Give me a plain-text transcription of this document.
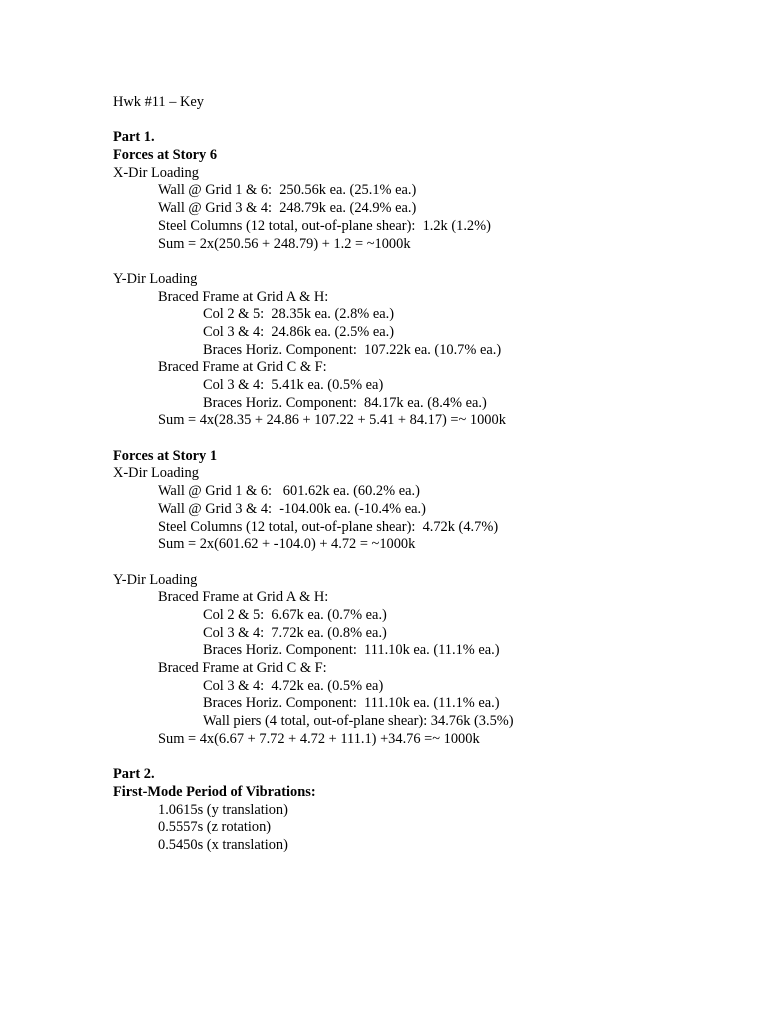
Hwk #11 – Key
Part 1.
Forces at Story 6
X-Dir Loading
Wall @ Grid 1 & 6:  250.56k ea. (25.1% ea.)
Wall @ Grid 3 & 4:  248.79k ea. (24.9% ea.)
Steel Columns (12 total, out-of-plane shear):  1.2k (1.2%)
Sum = 2x(250.56 + 248.79) + 1.2 = ~1000k
Y-Dir Loading
Braced Frame at Grid A & H:
Col 2 & 5:  28.35k ea. (2.8% ea.)
Col 3 & 4:  24.86k ea. (2.5% ea.)
Braces Horiz. Component:  107.22k ea. (10.7% ea.)
Braced Frame at Grid C & F:
Col 3 & 4:  5.41k ea. (0.5% ea)
Braces Horiz. Component:  84.17k ea. (8.4% ea.)
Sum = 4x(28.35 + 24.86 + 107.22 + 5.41 + 84.17) =~ 1000k
Forces at Story 1
X-Dir Loading
Wall @ Grid 1 & 6:   601.62k ea. (60.2% ea.)
Wall @ Grid 3 & 4:  -104.00k ea. (-10.4% ea.)
Steel Columns (12 total, out-of-plane shear):  4.72k (4.7%)
Sum = 2x(601.62 + -104.0) + 4.72 = ~1000k
Y-Dir Loading
Braced Frame at Grid A & H:
Col 2 & 5:  6.67k ea. (0.7% ea.)
Col 3 & 4:  7.72k ea. (0.8% ea.)
Braces Horiz. Component:  111.10k ea. (11.1% ea.)
Braced Frame at Grid C & F:
Col 3 & 4:  4.72k ea. (0.5% ea)
Braces Horiz. Component:  111.10k ea. (11.1% ea.)
Wall piers (4 total, out-of-plane shear): 34.76k (3.5%)
Sum = 4x(6.67 + 7.72 + 4.72 + 111.1) +34.76 =~ 1000k
Part 2.
First-Mode Period of Vibrations:
1.0615s (y translation)
0.5557s (z rotation)
0.5450s (x translation)
